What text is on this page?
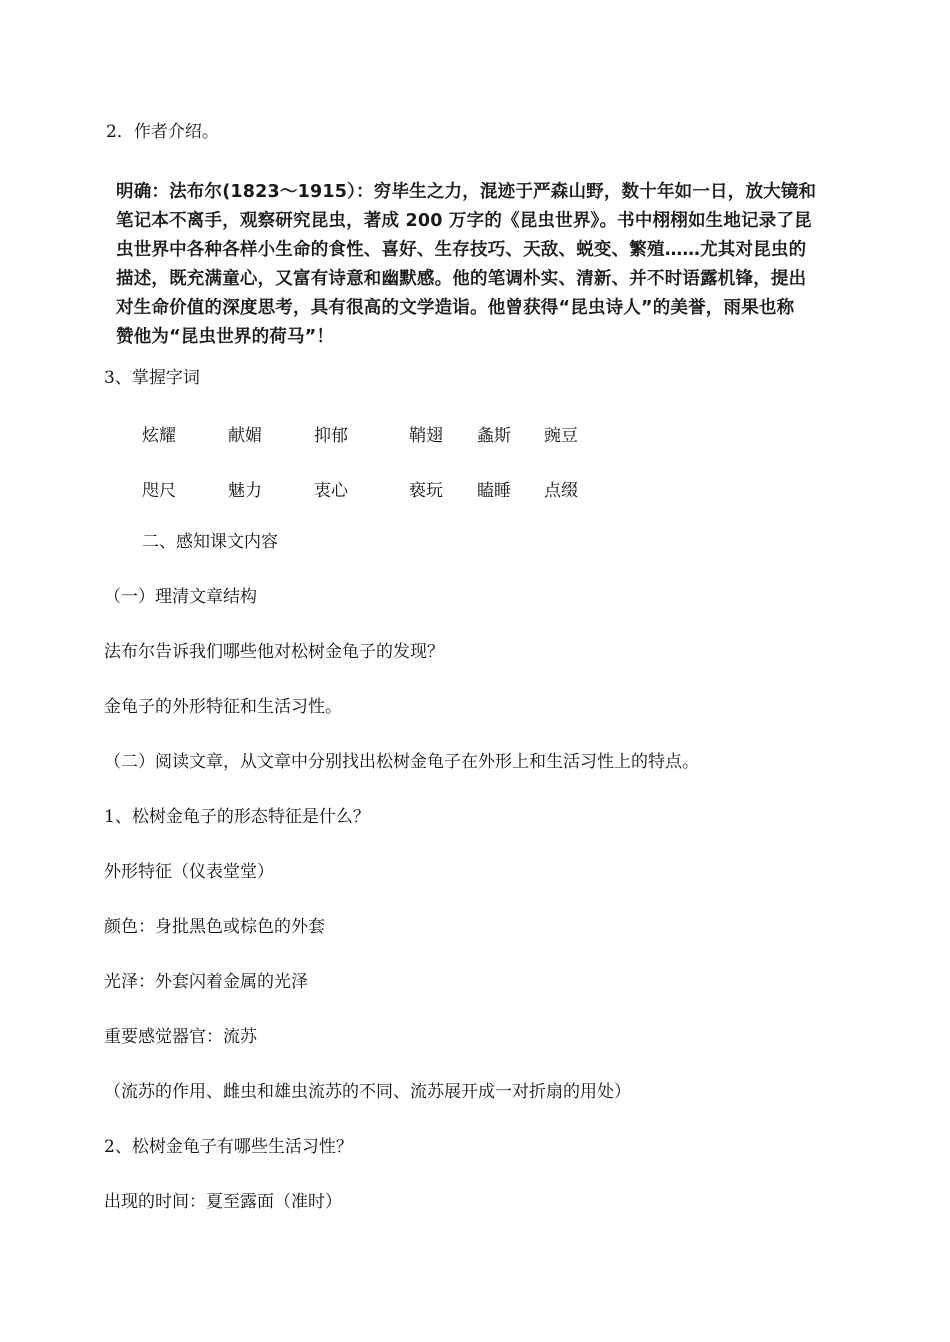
2．作者介绍。

明确：法布尔(1823～1915）：穷毕生之力，混迹于严森山野，数十年如一日，放大镜和

笔记本不离手，观察研究昆虫，著成 200 万字的《昆虫世界》。书中栩栩如生地记录了昆

虫世界中各种各样小生命的食性、喜好、生存技巧、天敌、蜕变、繁殖……尤其对昆虫的

描述，既充满童心，又富有诗意和幽默感。他的笔调朴实、清新、并不时语露机锋，提出

对生命价值的深度思考，具有很高的文学造诣。他曾获得“昆虫诗人”的美誉，雨果也称

赞他为“昆虫世界的荷马”！

3、掌握字词
炫耀	献媚	抑郁	鞘翅 螽斯 豌豆
咫尺	魅力	衷心	亵玩 瞌睡 点缀
二、感知课文内容
（一）理清文章结构
法布尔告诉我们哪些他对松树金龟子的发现？
金龟子的外形特征和生活习性。
（二）阅读文章，从文章中分别找出松树金龟子在外形上和生活习性上的特点。
1、松树金龟子的形态特征是什么？
外形特征（仪表堂堂）
颜色：身批黑色或棕色的外套
光泽：外套闪着金属的光泽
重要感觉器官：流苏
（流苏的作用、雌虫和雄虫流苏的不同、流苏展开成一对折扇的用处）
2、松树金龟子有哪些生活习性？
出现的时间：夏至露面（准时）
